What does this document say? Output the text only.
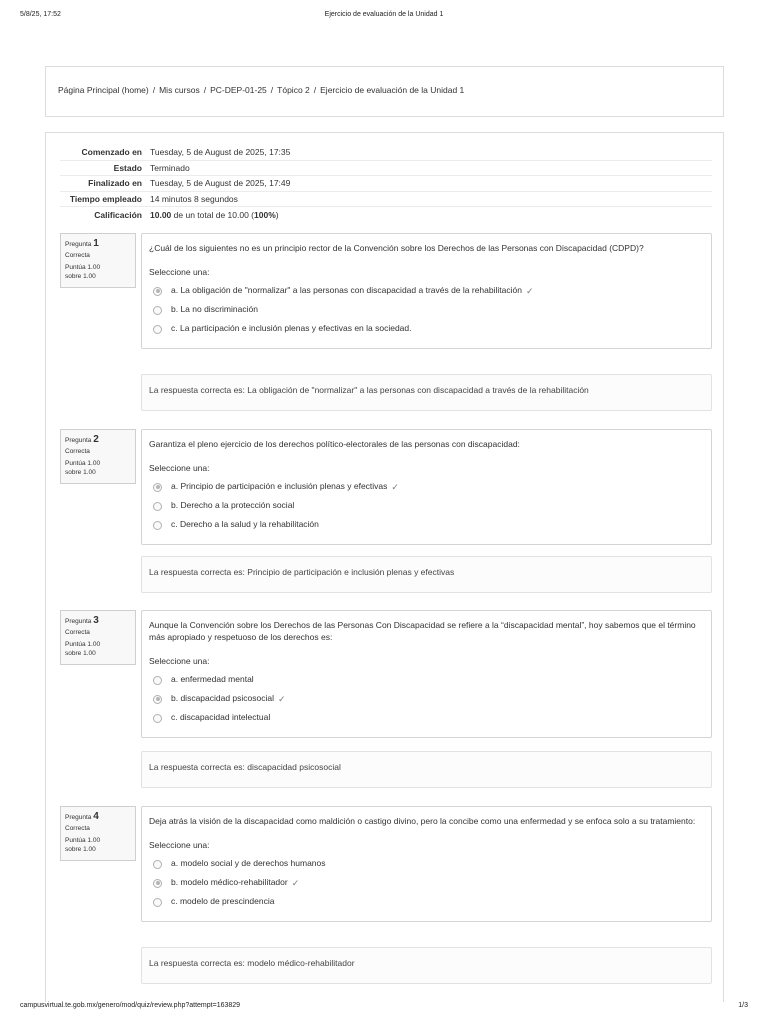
5/8/25, 17:52	Ejercicio de evaluación de la Unidad 1
Página Principal (home) / Mis cursos / PC-DEP-01-25 / Tópico 2 / Ejercicio de evaluación de la Unidad 1
Comenzado en Tuesday, 5 de August de 2025, 17:35
Estado Terminado
Finalizado en Tuesday, 5 de August de 2025, 17:49
Tiempo empleado 14 minutos 8 segundos
Calificación 10.00 de un total de 10.00 (100%)
Pregunta 1
Correcta
Puntúa 1.00
sobre 1.00
¿Cuál de los siguientes no es un principio rector de la Convención sobre los Derechos de las Personas con Discapacidad (CDPD)?
Seleccione una:
a. La obligación de "normalizar" a las personas con discapacidad a través de la rehabilitación ✓
b. La no discriminación
c. La participación e inclusión plenas y efectivas en la sociedad.
La respuesta correcta es: La obligación de "normalizar" a las personas con discapacidad a través de la rehabilitación
Pregunta 2
Correcta
Puntúa 1.00
sobre 1.00
Garantiza el pleno ejercicio de los derechos político-electorales de las personas con discapacidad:
Seleccione una:
a. Principio de participación e inclusión plenas y efectivas ✓
b. Derecho a la protección social
c. Derecho a la salud y la rehabilitación
La respuesta correcta es: Principio de participación e inclusión plenas y efectivas
Pregunta 3
Correcta
Puntúa 1.00
sobre 1.00
Aunque la Convención sobre los Derechos de las Personas Con Discapacidad se refiere a la “discapacidad mental”, hoy sabemos que el término más apropiado y respetuoso de los derechos es:
Seleccione una:
a. enfermedad mental
b. discapacidad psicosocial ✓
c. discapacidad intelectual
La respuesta correcta es: discapacidad psicosocial
Pregunta 4
Correcta
Puntúa 1.00
sobre 1.00
Deja atrás la visión de la discapacidad como maldición o castigo divino, pero la concibe como una enfermedad y se enfoca solo a su tratamiento:
Seleccione una:
a. modelo social y de derechos humanos
b. modelo médico-rehabilitador ✓
c. modelo de prescindencia
La respuesta correcta es: modelo médico-rehabilitador
campusvirtual.te.gob.mx/genero/mod/quiz/review.php?attempt=163829	1/3
